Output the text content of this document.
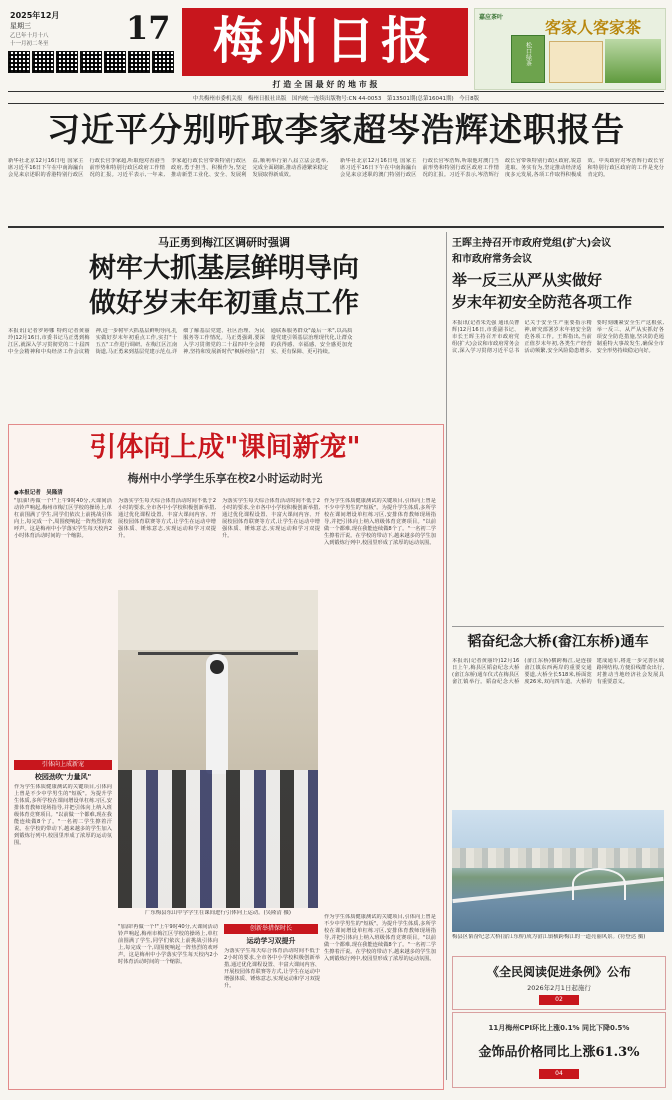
2025年12月
星期三
乙巳年十月十八
十一月初二冬至 17 梅州日报
打 造 全 国 最 好 的 地 市 报
嘉应茶叶
客家人客家茶
松口绿茶
中共梅州市委机关报　梅州日报社出版　国内统一连续出版物号:CN 44-0053　第13501期(总第16041期)　今日8版
习近平分别听取李家超岑浩辉述职报告
新华社北京12月16日电 国家主席习近平16日下午在中南海瀛台会见来京述职的香港特别行政区行政长官李家超,听取他对香港当前形势和特别行政区政府工作情况的汇报。习近平表示,一年来,李家超行政长官带领特别行政区政府,勇于担当、积极作为,坚定推动新型工业化、安全、发展利益,顺利举行第八届立法会选举,完成全面刷新,推动香港繁荣稳定发展取得新成效。
新华社北京12月16日电 国家主席习近平16日下午在中南海瀛台会见来京述职的澳门特别行政区行政长官岑浩辉,听取他对澳门当前形势和特别行政区政府工作情况的汇报。习近平表示,岑浩辉行政长官带领特别行政区政府,锐意进取、务实有为,坚定推动经济适度多元发展,各项工作取得积极成效。中央政府对岑浩辉行政长官和特别行政区政府的工作是充分肯定的。
马正勇到梅江区调研时强调
树牢大抓基层鲜明导向
做好岁末年初重点工作
本报讯(记者罗婷娜 特约记者黄丽玲)12月16日,市委书记马正勇到梅江区,就深入学习贯彻党的二十届四中全会精神和中央经济工作会议精神,进一步树牢大抓基层鲜明导向,扎实做好岁末年初重点工作,实打"十五五"工作进行调研。在梅江区江南街道,马正勇来到基层党建示范点,详细了解基层党建、社区治理、为民服务等工作情况。马正勇强调,要深入学习贯彻党的二十届四中全会精神,坚持和发展新时代"枫桥经验",打通联系服务群众"最后一米",以高质量党建引领基层治理现代化,让群众的获得感、幸福感、安全感更加充实、更有保障、更可持续。
王晖主持召开市政府党组(扩大)会议
和市政府常务会议
举一反三从严从实做好
岁末年初安全防范各项工作
本报讯(记者朱先强 通讯员曹辉)12月16日,市委副书记、市长王晖主持召开市政府党组(扩大)会议和市政府常务会议,深入学习贯彻习近平总书记关于安全生产重要指示精神,研究部署岁末年初安全防范各项工作。王晖指出,当前正值岁末年初,各类生产经营活动频繁,安全风险隐患增多,要时刻绷紧安全生产这根弦,举一反三、从严从实抓好各项安全防范措施,坚决防范遏制重特大事故发生,确保全市安全形势持续稳定向好。
引体向上成"课间新宠"
梅州中小学学生乐享在校2小时运动时光
●本报记者　吴隆清
"加油!再做一个!"上午9时40分,大课间活动铃声响起,梅州市梅江区学校的操场上,单杠前围满了学生,同学们依次上前挑战引体向上,每完成一个,周围便响起一阵热烈的欢呼声。这是梅州中小学落实学生每天校内2小时体育活动时间的一个缩影。
引体向上成新宠
校园劲吹"力量风"
作为学生体质健康测试的关键项目,引体向上曾是不少中学男生的"短板"。为提升学生体质,多所学校在课间增设单杠练习区,安排体育教师现场指导,并把引体向上纳入班级体育竞赛项目。"以前做一个都难,现在我能连续做8个了。"一名初二学生擦着汗说。在学校的带动下,越来越多的学生加入到锻炼行列中,校园里形成了浓厚的运动氛围。
为落实学生每天综合体育活动时间不低于2小时的要求,全市各中小学校积极创新举措,通过优化课程设置、丰富大课间内容、开展校园体育联赛等方式,让学生在运动中增强体质、锤炼意志,实现运动和学习双提升。
广东梅县东山中学学生在课间进行引体向上运动。(吴隆清 摄)
为落实学生每天综合体育活动时间不低于2小时的要求,全市各中小学校积极创新举措,通过优化课程设置、丰富大课间内容、开展校园体育联赛等方式,让学生在运动中增强体质、锤炼意志,实现运动和学习双提升。
作为学生体质健康测试的关键项目,引体向上曾是不少中学男生的"短板"。为提升学生体质,多所学校在课间增设单杠练习区,安排体育教师现场指导,并把引体向上纳入班级体育竞赛项目。"以前做一个都难,现在我能连续做8个了。"一名初二学生擦着汗说。在学校的带动下,越来越多的学生加入到锻炼行列中,校园里形成了浓厚的运动氛围。
创新举措保时长
运动学习双提升
"加油!再做一个!"上午9时40分,大课间活动铃声响起,梅州市梅江区学校的操场上,单杠前围满了学生,同学们依次上前挑战引体向上,每完成一个,周围便响起一阵热烈的欢呼声。这是梅州中小学落实学生每天校内2小时体育活动时间的一个缩影。
为落实学生每天综合体育活动时间不低于2小时的要求,全市各中小学校积极创新举措,通过优化课程设置、丰富大课间内容、开展校园体育联赛等方式,让学生在运动中增强体质、锤炼意志,实现运动和学习双提升。
作为学生体质健康测试的关键项目,引体向上曾是不少中学男生的"短板"。为提升学生体质,多所学校在课间增设单杠练习区,安排体育教师现场指导,并把引体向上纳入班级体育竞赛项目。"以前做一个都难,现在我能连续做8个了。"一名初二学生擦着汗说。在学校的带动下,越来越多的学生加入到锻炼行列中,校园里形成了浓厚的运动氛围。
韬奋纪念大桥(畲江东桥)通车
本报讯(记者黄丽玲)12月16日上午,梅县区韬奋纪念大桥(畲江东桥)通车仪式在梅县区畲江镇举行。韬奋纪念大桥(畲江东桥)横跨梅江,是连接畲江镇东西两岸的重要交通要道,大桥全长518米,桥面宽度26米,双向四车道。大桥的建成通车,将进一步完善区域路网结构,方便沿线群众出行,对推动当地经济社会发展具有重要意义。
梅县区韬奋纪念大桥(畲江东桥)成为畲江镇横跨梅江的一道亮丽风景。(符登达 摄)
《全民阅读促进条例》公布
2026年2月1日起施行
02
11月梅州CPI环比上涨0.1% 同比下降0.5%
金饰品价格同比上涨61.3%
04
